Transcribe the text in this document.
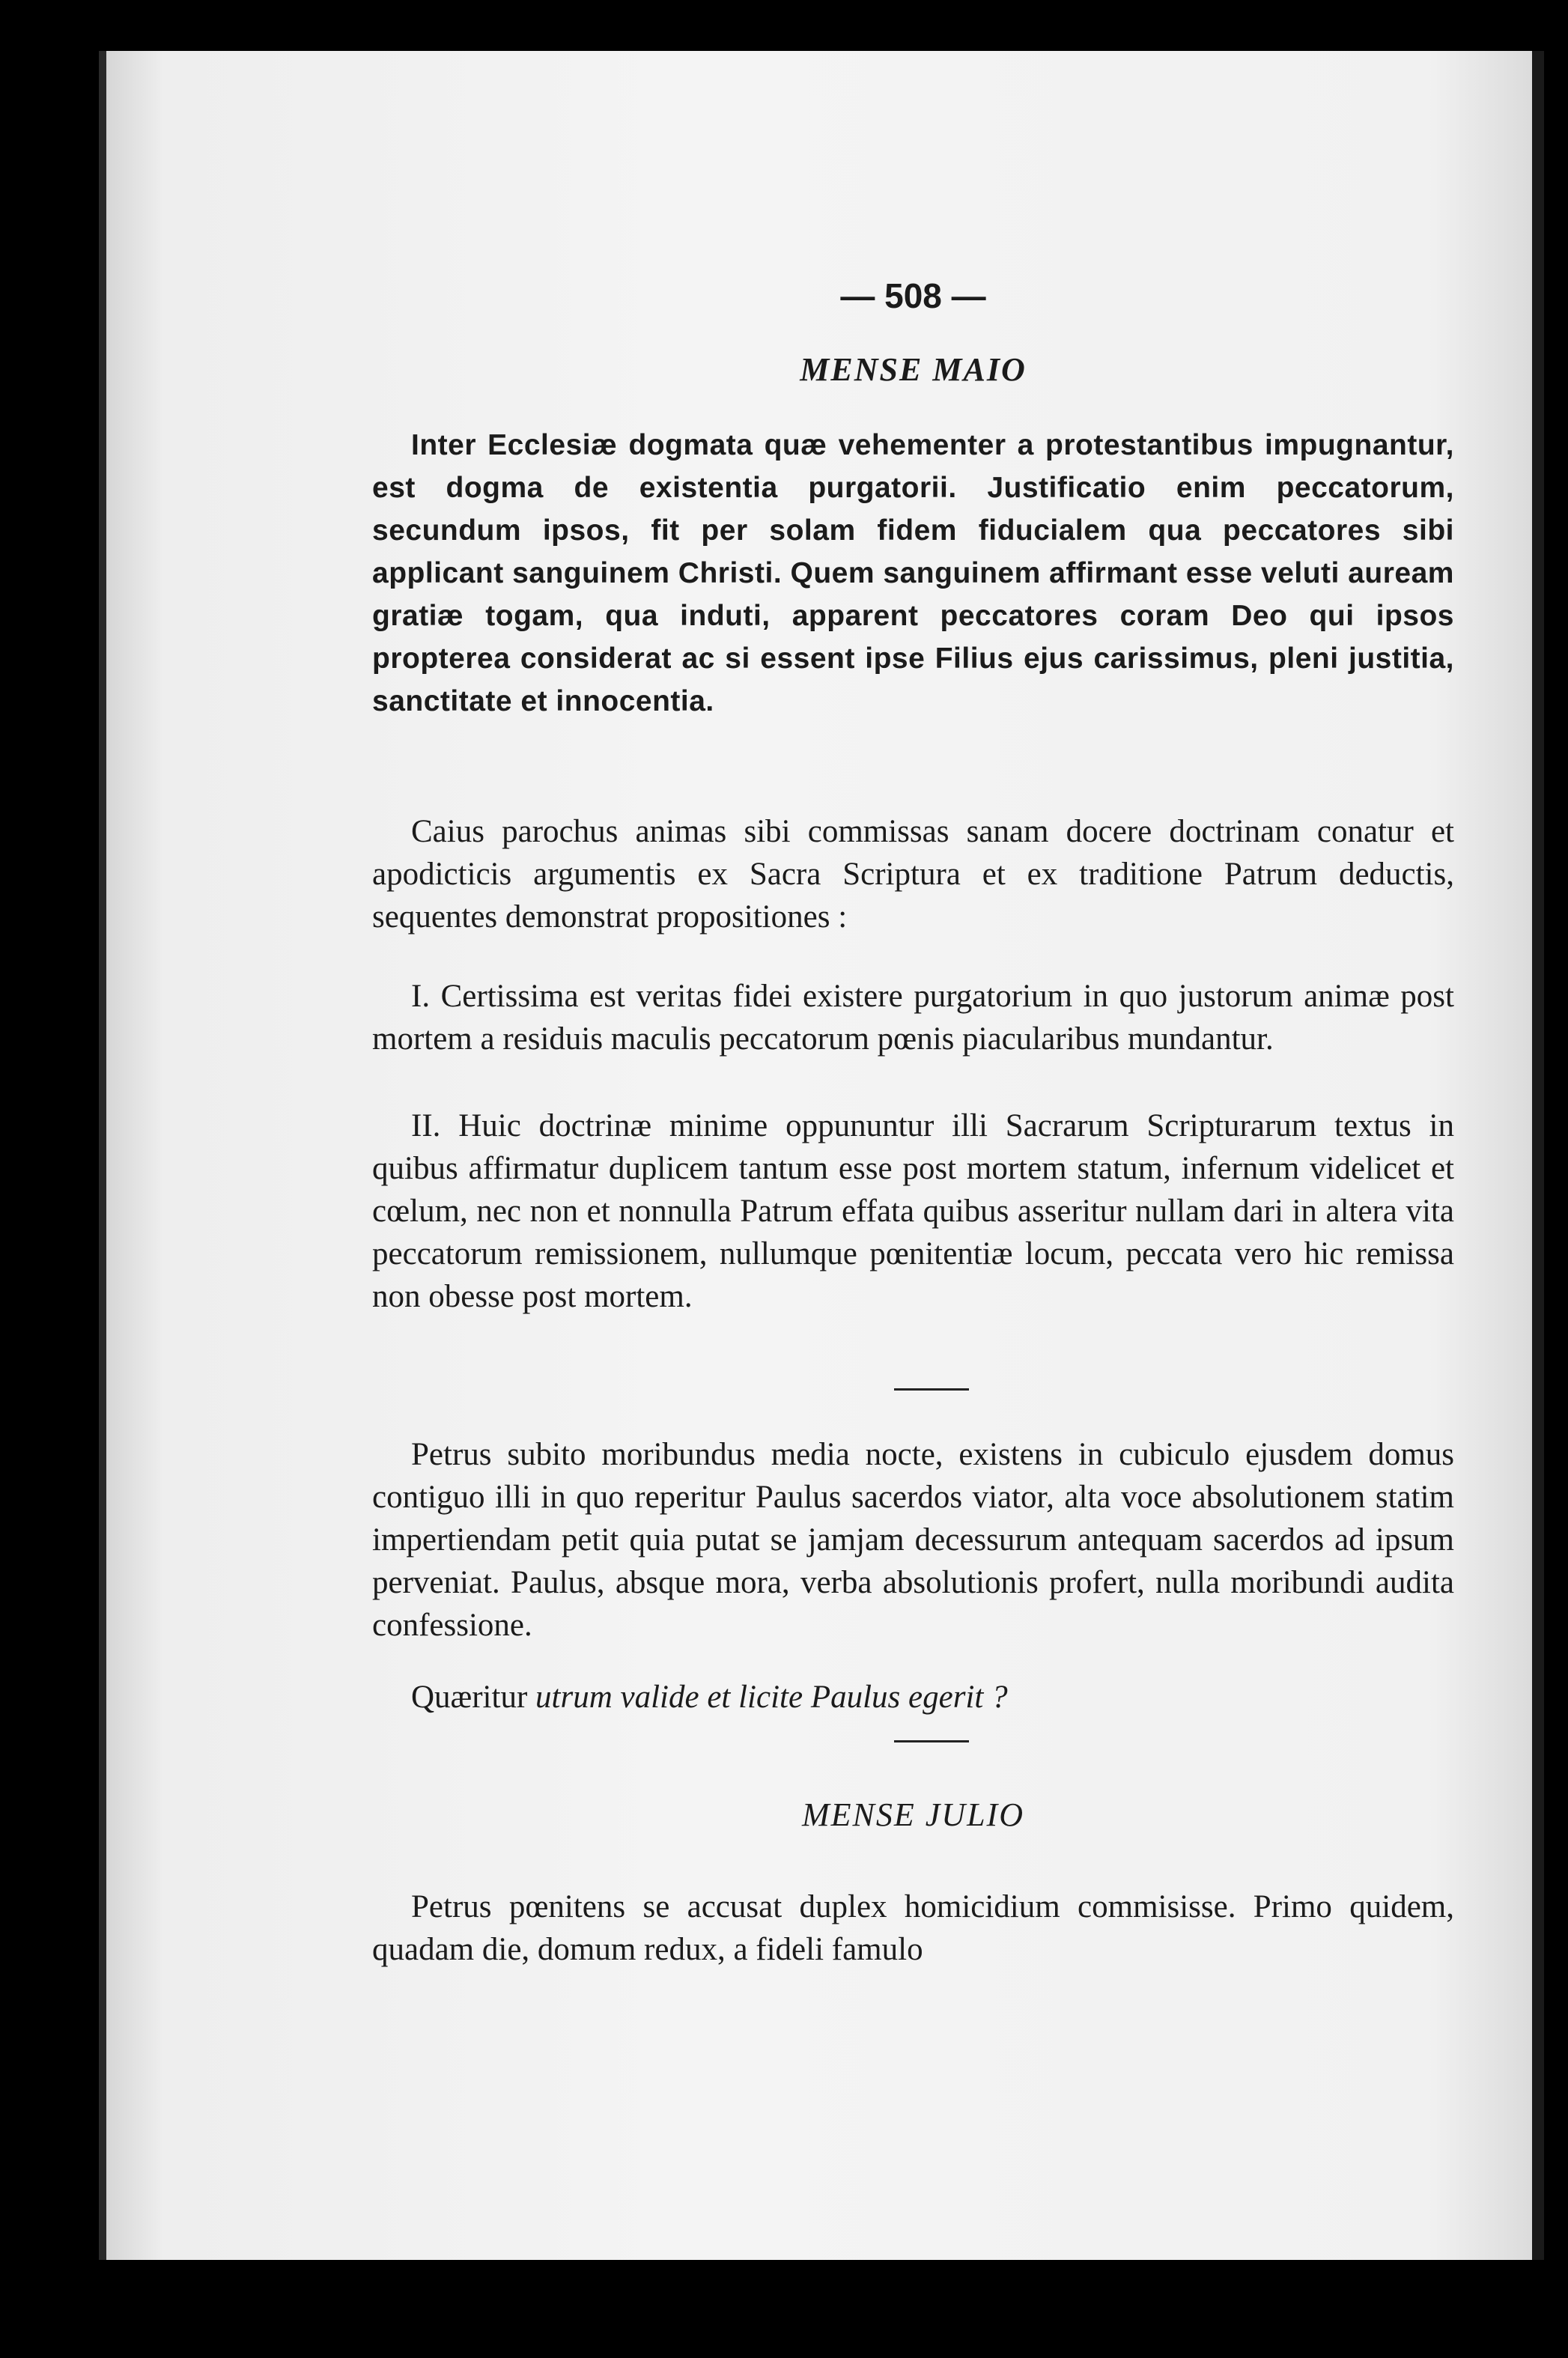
— 508 —
MENSE MAIO

Inter Ecclesiæ dogmata quæ vehementer a protestantibus impugnantur, est dogma de existentia purgatorii. Justificatio enim peccatorum, secundum ipsos, fit per solam fidem fiducialem qua peccatores sibi applicant sanguinem Christi. Quem sanguinem affirmant esse veluti auream gratiæ togam, qua induti, apparent peccatores coram Deo qui ipsos propterea considerat ac si essent ipse Filius ejus carissimus, pleni justitia, sanctitate et innocentia.

Caius parochus animas sibi commissas sanam docere doctrinam conatur et apodicticis argumentis ex Sacra Scriptura et ex traditione Patrum deductis, sequentes demonstrat propositiones :

I. Certissima est veritas fidei existere purgatorium in quo justorum animæ post mortem a residuis maculis peccatorum pœnis piacularibus mundantur.

II. Huic doctrinæ minime oppununtur illi Sacrarum Scripturarum textus in quibus affirmatur duplicem tantum esse post mortem statum, infernum videlicet et cœlum, nec non et nonnulla Patrum effata quibus asseritur nullam dari in altera vita peccatorum remissionem, nullumque pœnitentiæ locum, peccata vero hic remissa non obesse post mortem.

Petrus subito moribundus media nocte, existens in cubiculo ejusdem domus contiguo illi in quo reperitur Paulus sacerdos viator, alta voce absolutionem statim impertiendam petit quia putat se jamjam decessurum antequam sacerdos ad ipsum perveniat. Paulus, absque mora, verba absolutionis profert, nulla moribundi audita confessione.

Quæritur utrum valide et licite Paulus egerit ?

MENSE JULIO

Petrus pœnitens se accusat duplex homicidium commisisse. Primo quidem, quadam die, domum redux, a fideli famulo
